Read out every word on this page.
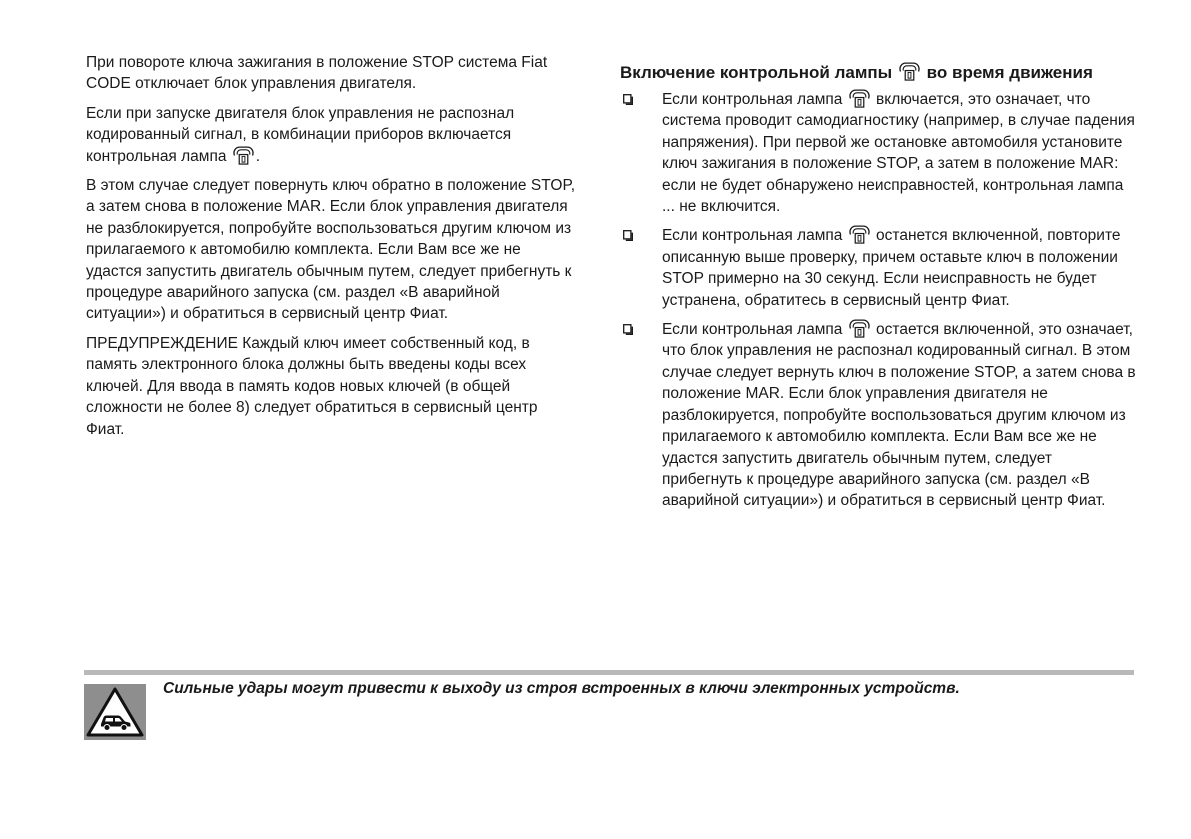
При повороте ключа зажигания в положение STOP система Fiat CODE отключает блок управления двигателя.

Если при запуске двигателя блок управления не распознал кодированный сигнал, в комбинации приборов включается контрольная лампа .

В этом случае следует повернуть ключ обратно в положение STOP, а затем снова в положение MAR. Если блок управления двигателя не разблокируется, попробуйте воспользоваться другим ключом из прилагаемого к автомобилю комплекта. Если Вам все же не удастся запустить двигатель обычным путем, следует прибегнуть к процедуре аварийного запуска (см. раздел «В аварийной ситуации») и обратиться в сервисный центр Фиат.

ПРЕДУПРЕЖДЕНИЕ Каждый ключ имеет собственный код, в память электронного блока должны быть введены коды всех ключей. Для ввода в память кодов новых ключей (в общей сложности не более 8) следует обратиться в сервисный центр Фиат.

Включение контрольной лампы во время движения
Если контрольная лампа включается, это означает, что система проводит самодиагностику (например, в случае падения напряжения). При первой же остановке автомобиля установите ключ зажигания в положение STOP, а затем в положение MAR: если не будет обнаружено неисправностей, контрольная лампа ... не включится.
Если контрольная лампа останется включенной, повторите описанную выше проверку, причем оставьте ключ в положении STOP примерно на 30 секунд. Если неисправность не будет устранена, обратитесь в сервисный центр Фиат.
Если контрольная лампа остается включенной, это означает, что блок управления не распознал кодированный сигнал. В этом случае следует вернуть ключ в положение STOP, а затем снова в положение MAR. Если блок управления двигателя не разблокируется, попробуйте воспользоваться другим ключом из прилагаемого к автомобилю комплекта. Если Вам все же не удастся запустить двигатель обычным путем, следует прибегнуть к процедуре аварийного запуска (см. раздел «В аварийной ситуации») и обратиться в сервисный центр Фиат.
Сильные удары могут привести к выходу из строя встроенных в ключи электронных устройств.
